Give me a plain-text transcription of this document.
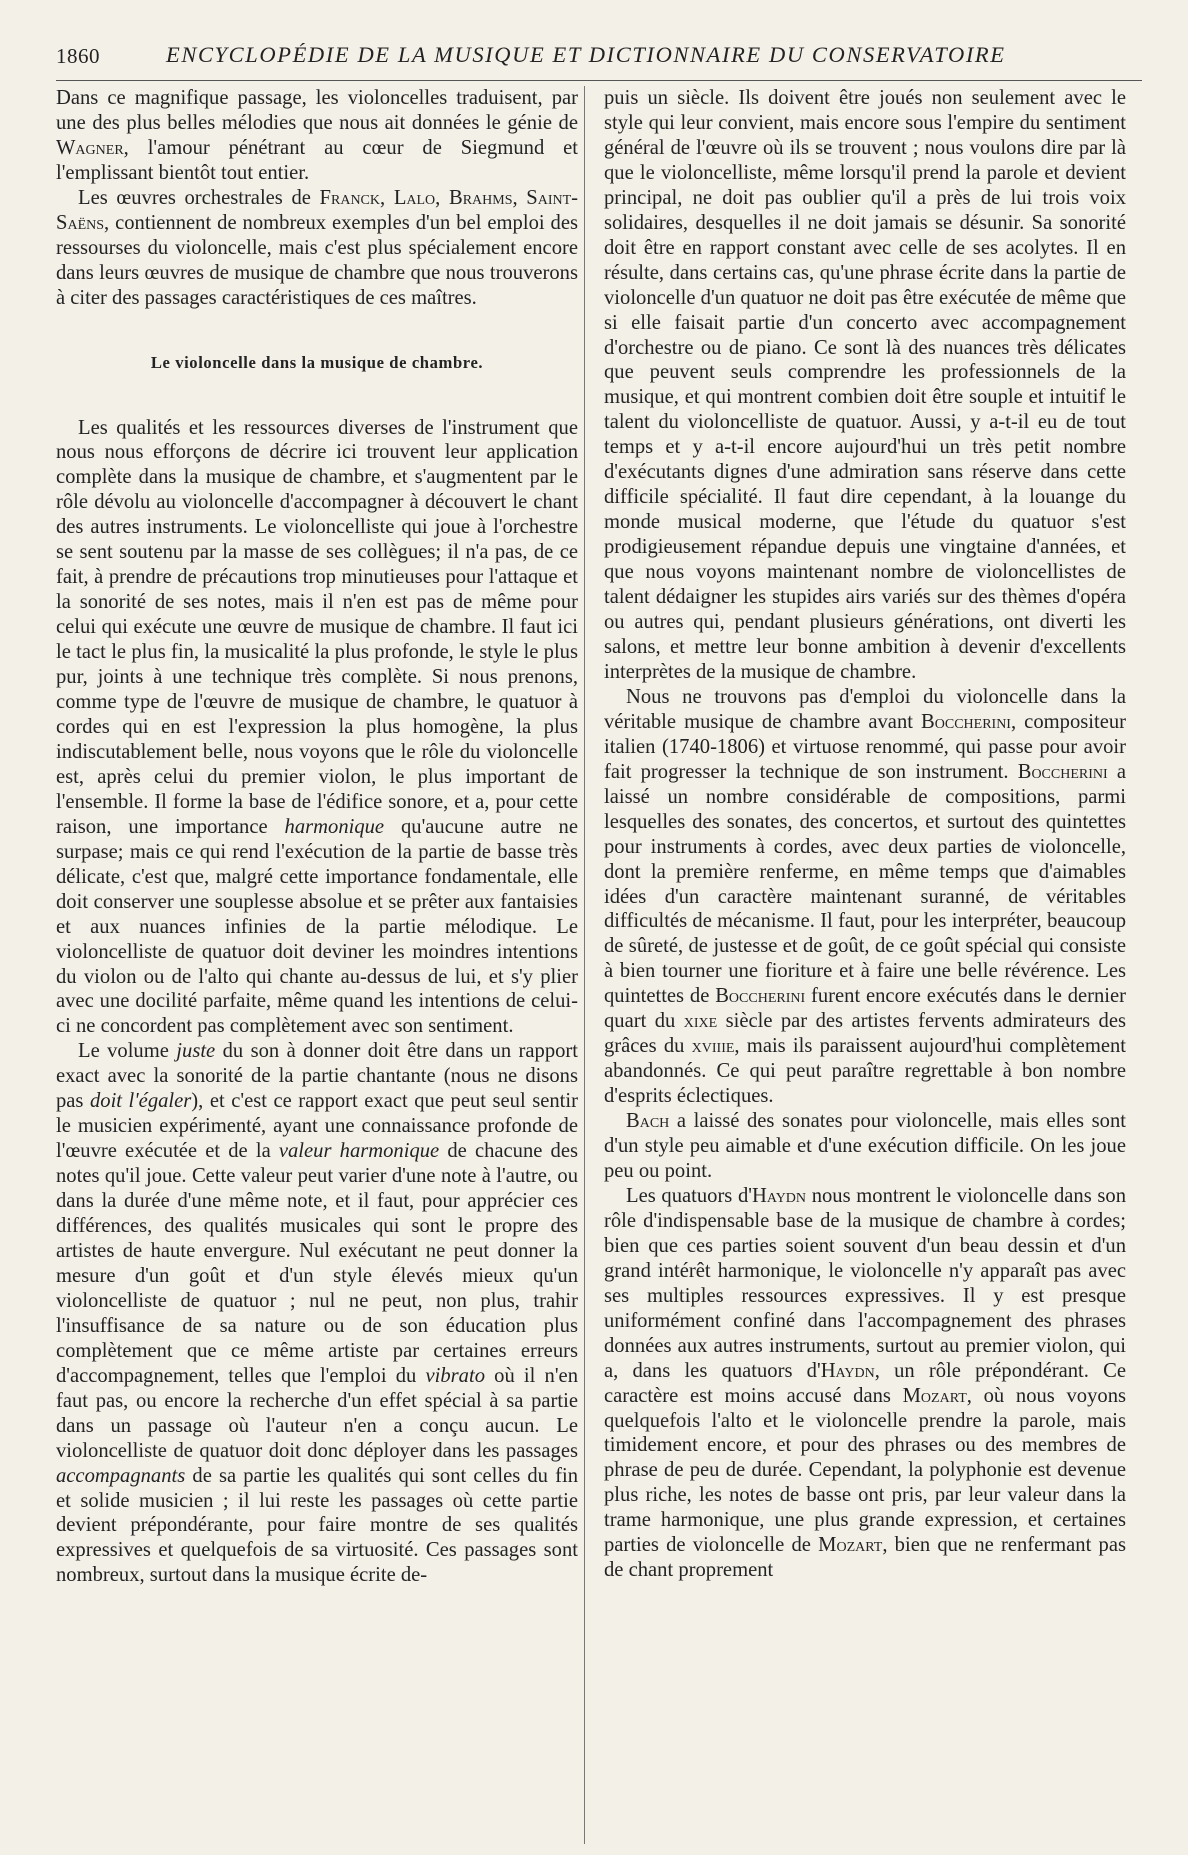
1860	ENCYCLOPÉDIE DE LA MUSIQUE ET DICTIONNAIRE DU CONSERVATOIRE

Dans ce magnifique passage, les violoncelles traduisent, par une des plus belles mélodies que nous ait données le génie de Wagner, l'amour pénétrant au cœur de Siegmund et l'emplissant bientôt tout entier.

Les œuvres orchestrales de Franck, Lalo, Brahms, Saint-Saëns, contiennent de nombreux exemples d'un bel emploi des ressourses du violoncelle, mais c'est plus spécialement encore dans leurs œuvres de musique de chambre que nous trouverons à citer des passages caractéristiques de ces maîtres.

Le violoncelle dans la musique de chambre.

Les qualités et les ressources diverses de l'instrument que nous nous efforçons de décrire ici trouvent leur application complète dans la musique de chambre, et s'augmentent par le rôle dévolu au violoncelle d'accompagner à découvert le chant des autres instruments. Le violoncelliste qui joue à l'orchestre se sent soutenu par la masse de ses collègues; il n'a pas, de ce fait, à prendre de précautions trop minutieuses pour l'attaque et la sonorité de ses notes, mais il n'en est pas de même pour celui qui exécute une œuvre de musique de chambre. Il faut ici le tact le plus fin, la musicalité la plus profonde, le style le plus pur, joints à une technique très complète. Si nous prenons, comme type de l'œuvre de musique de chambre, le quatuor à cordes qui en est l'expression la plus homogène, la plus indiscutablement belle, nous voyons que le rôle du violoncelle est, après celui du premier violon, le plus important de l'ensemble. Il forme la base de l'édifice sonore, et a, pour cette raison, une importance harmonique qu'aucune autre ne surpase; mais ce qui rend l'exécution de la partie de basse très délicate, c'est que, malgré cette importance fondamentale, elle doit conserver une souplesse absolue et se prêter aux fantaisies et aux nuances infinies de la partie mélodique. Le violoncelliste de quatuor doit deviner les moindres intentions du violon ou de l'alto qui chante au-dessus de lui, et s'y plier avec une docilité parfaite, même quand les intentions de celui-ci ne concordent pas complètement avec son sentiment.

Le volume juste du son à donner doit être dans un rapport exact avec la sonorité de la partie chantante (nous ne disons pas doit l'égaler), et c'est ce rapport exact que peut seul sentir le musicien expérimenté, ayant une connaissance profonde de l'œuvre exécutée et de la valeur harmonique de chacune des notes qu'il joue. Cette valeur peut varier d'une note à l'autre, ou dans la durée d'une même note, et il faut, pour apprécier ces différences, des qualités musicales qui sont le propre des artistes de haute envergure. Nul exécutant ne peut donner la mesure d'un goût et d'un style élevés mieux qu'un violoncelliste de quatuor ; nul ne peut, non plus, trahir l'insuffisance de sa nature ou de son éducation plus complètement que ce même artiste par certaines erreurs d'accompagnement, telles que l'emploi du vibrato où il n'en faut pas, ou encore la recherche d'un effet spécial à sa partie dans un passage où l'auteur n'en a conçu aucun. Le violoncelliste de quatuor doit donc déployer dans les passages accompagnants de sa partie les qualités qui sont celles du fin et solide musicien ; il lui reste les passages où cette partie devient prépondérante, pour faire montre de ses qualités expressives et quelquefois de sa virtuosité. Ces passages sont nombreux, surtout dans la musique écrite de-

puis un siècle. Ils doivent être joués non seulement avec le style qui leur convient, mais encore sous l'empire du sentiment général de l'œuvre où ils se trouvent ; nous voulons dire par là que le violoncelliste, même lorsqu'il prend la parole et devient principal, ne doit pas oublier qu'il a près de lui trois voix solidaires, desquelles il ne doit jamais se désunir. Sa sonorité doit être en rapport constant avec celle de ses acolytes. Il en résulte, dans certains cas, qu'une phrase écrite dans la partie de violoncelle d'un quatuor ne doit pas être exécutée de même que si elle faisait partie d'un concerto avec accompagnement d'orchestre ou de piano. Ce sont là des nuances très délicates que peuvent seuls comprendre les professionnels de la musique, et qui montrent combien doit être souple et intuitif le talent du violoncelliste de quatuor. Aussi, y a-t-il eu de tout temps et y a-t-il encore aujourd'hui un très petit nombre d'exécutants dignes d'une admiration sans réserve dans cette difficile spécialité. Il faut dire cependant, à la louange du monde musical moderne, que l'étude du quatuor s'est prodigieusement répandue depuis une vingtaine d'années, et que nous voyons maintenant nombre de violoncellistes de talent dédaigner les stupides airs variés sur des thèmes d'opéra ou autres qui, pendant plusieurs générations, ont diverti les salons, et mettre leur bonne ambition à devenir d'excellents interprètes de la musique de chambre.

Nous ne trouvons pas d'emploi du violoncelle dans la véritable musique de chambre avant Boccherini, compositeur italien (1740-1806) et virtuose renommé, qui passe pour avoir fait progresser la technique de son instrument. Boccherini a laissé un nombre considérable de compositions, parmi lesquelles des sonates, des concertos, et surtout des quintettes pour instruments à cordes, avec deux parties de violoncelle, dont la première renferme, en même temps que d'aimables idées d'un caractère maintenant suranné, de véritables difficultés de mécanisme. Il faut, pour les interpréter, beaucoup de sûreté, de justesse et de goût, de ce goût spécial qui consiste à bien tourner une fioriture et à faire une belle révérence. Les quintettes de Boccherini furent encore exécutés dans le dernier quart du xixe siècle par des artistes fervents admirateurs des grâces du xviiie, mais ils paraissent aujourd'hui complètement abandonnés. Ce qui peut paraître regrettable à bon nombre d'esprits éclectiques.

Bach a laissé des sonates pour violoncelle, mais elles sont d'un style peu aimable et d'une exécution difficile. On les joue peu ou point.

Les quatuors d'Haydn nous montrent le violoncelle dans son rôle d'indispensable base de la musique de chambre à cordes; bien que ces parties soient souvent d'un beau dessin et d'un grand intérêt harmonique, le violoncelle n'y apparaît pas avec ses multiples ressources expressives. Il y est presque uniformément confiné dans l'accompagnement des phrases données aux autres instruments, surtout au premier violon, qui a, dans les quatuors d'Haydn, un rôle prépondérant. Ce caractère est moins accusé dans Mozart, où nous voyons quelquefois l'alto et le violoncelle prendre la parole, mais timidement encore, et pour des phrases ou des membres de phrase de peu de durée. Cependant, la polyphonie est devenue plus riche, les notes de basse ont pris, par leur valeur dans la trame harmonique, une plus grande expression, et certaines parties de violoncelle de Mozart, bien que ne renfermant pas de chant proprement
